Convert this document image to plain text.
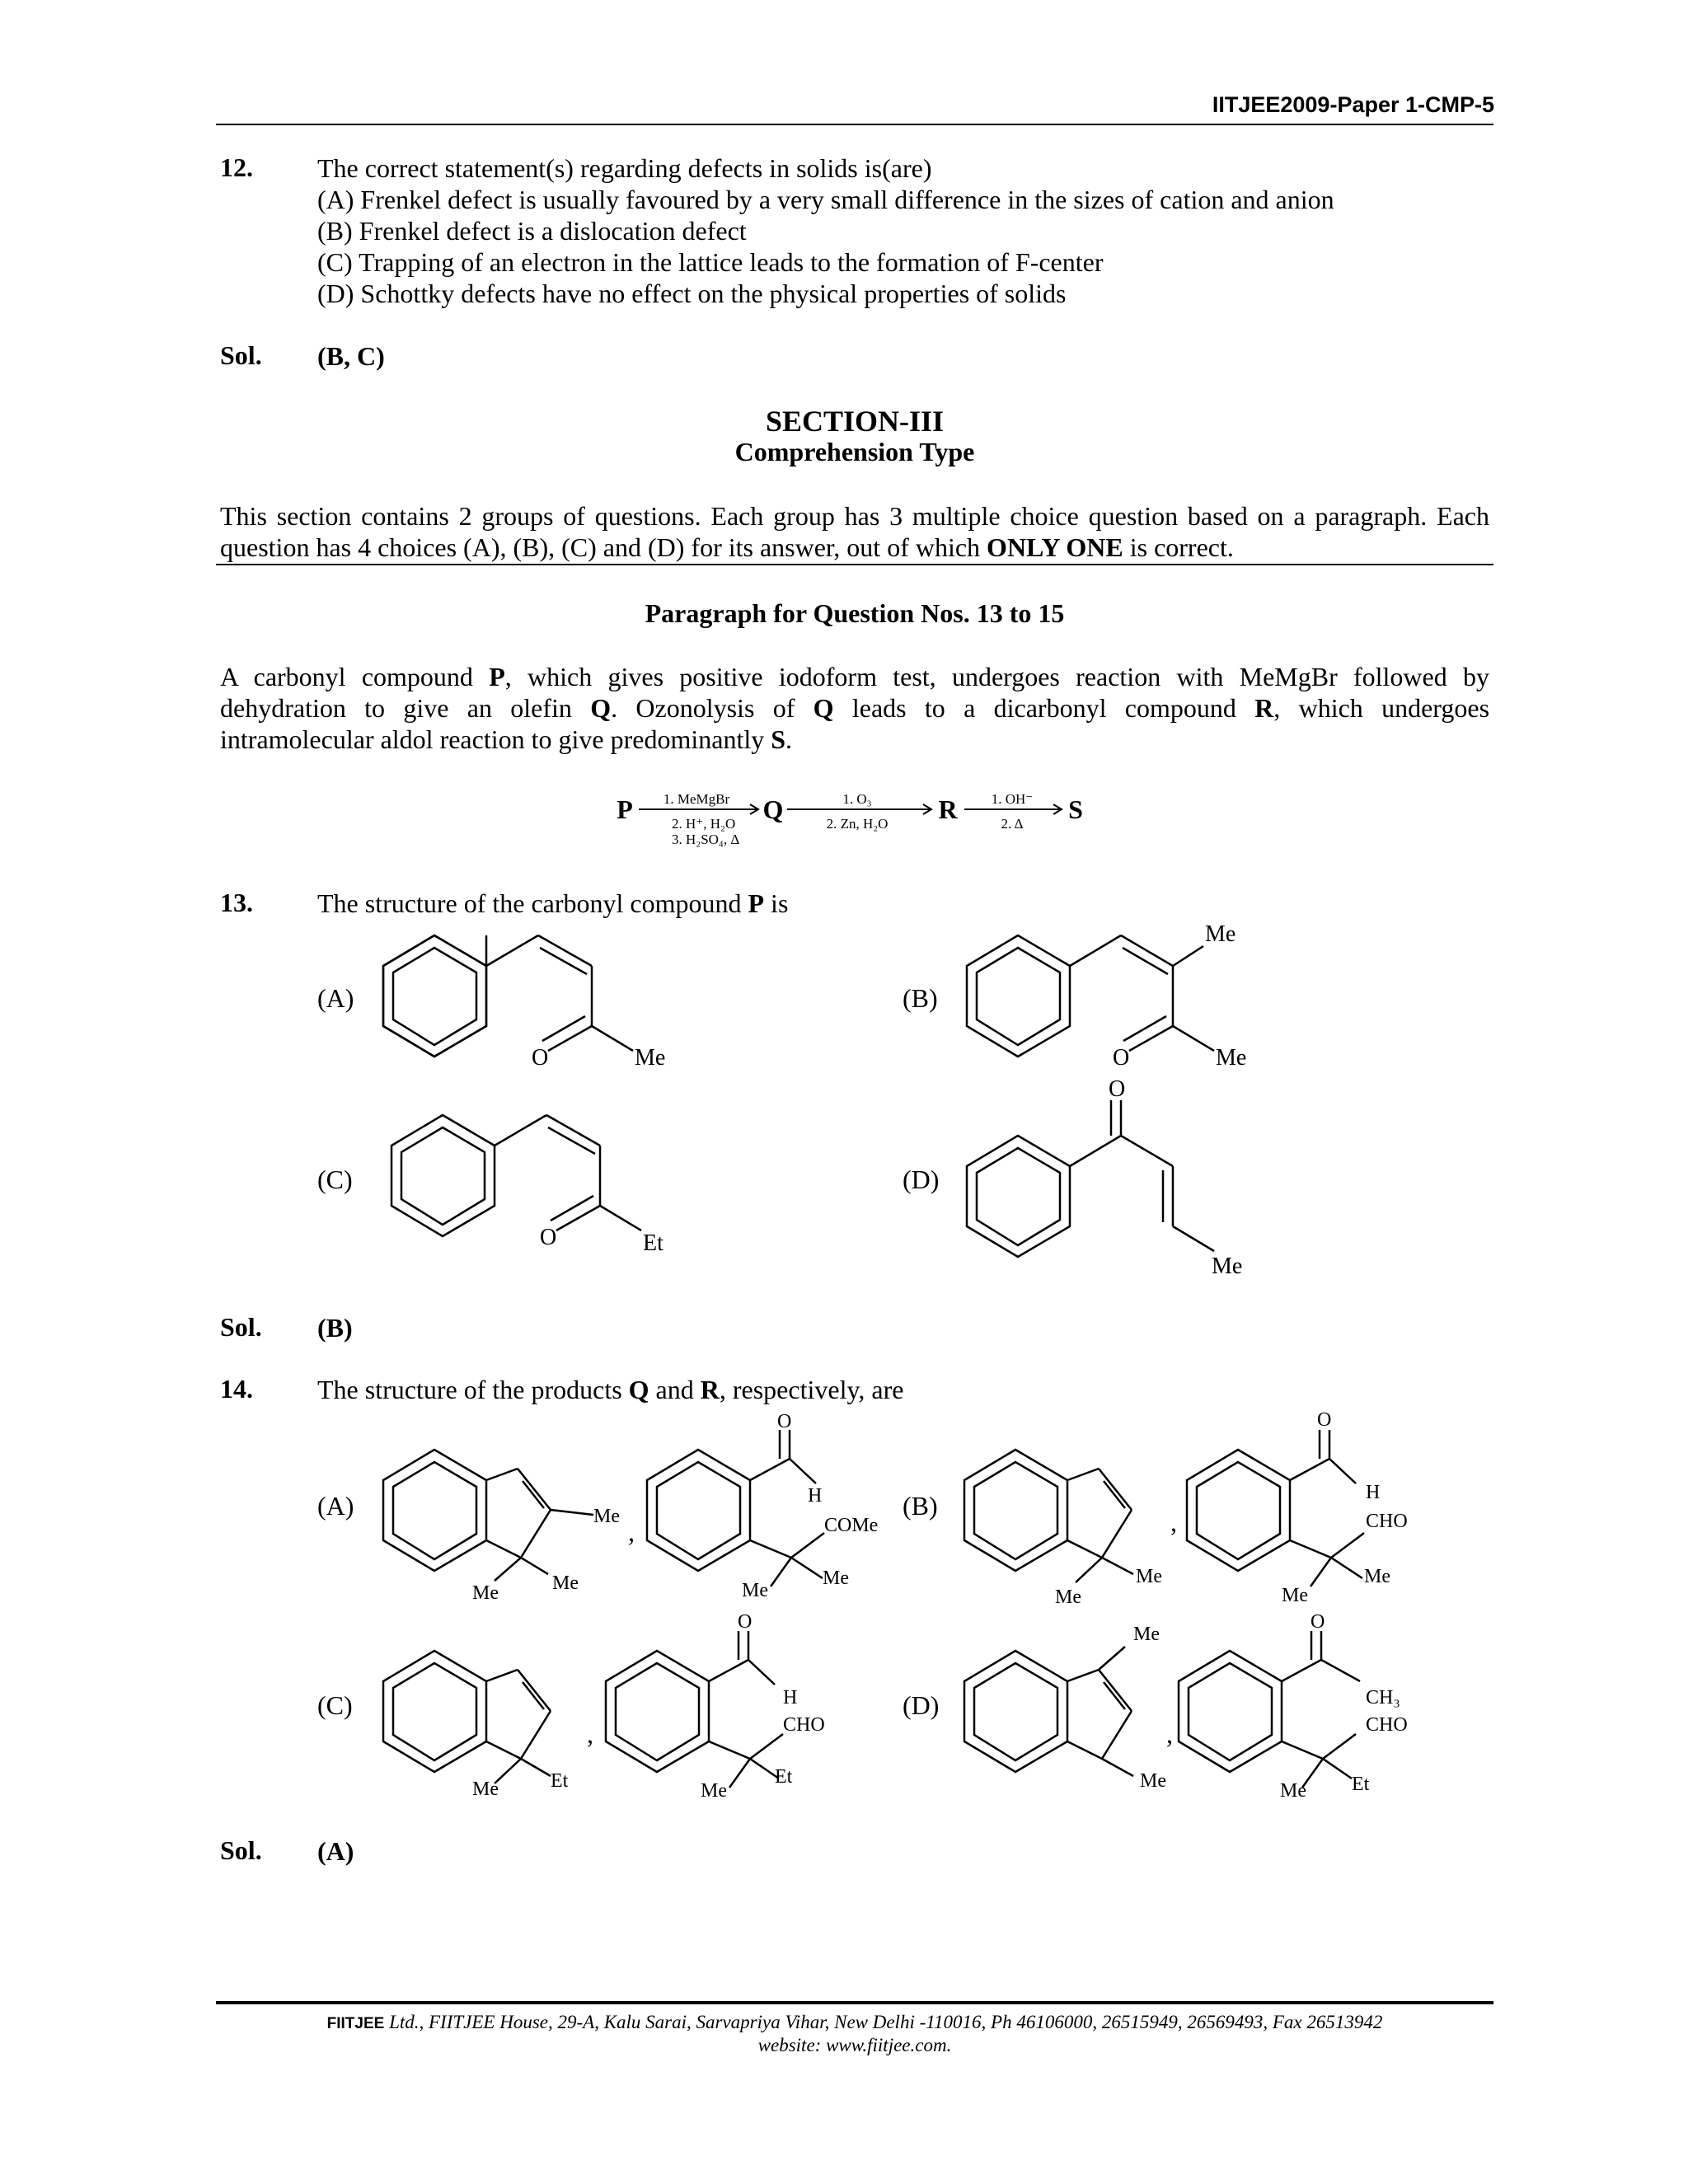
IITJEE2009-Paper 1-CMP-5
12. The correct statement(s) regarding defects in solids is(are)
(A) Frenkel defect is usually favoured by a very small difference in the sizes of cation and anion
(B) Frenkel defect is a dislocation defect
(C) Trapping of an electron in the lattice leads to the formation of F-center
(D) Schottky defects have no effect on the physical properties of solids
Sol. (B, C)
SECTION-III
Comprehension Type
This section contains 2 groups of questions. Each group has 3 multiple choice question based on a paragraph. Each
question has 4 choices (A), (B), (C) and (D) for its answer, out of which ONLY ONE is correct.
Paragraph for Question Nos. 13 to 15
A carbonyl compound P, which gives positive iodoform test, undergoes reaction with MeMgBr followed by
dehydration to give an olefin Q. Ozonolysis of Q leads to a dicarbonyl compound R, which undergoes
intramolecular aldol reaction to give predominantly S.
P 1. MeMgBr
2. H⁺, H₂O
3. H₂SO₄, Δ
Q	1. O₃
2. Zn, H₂O R 1. OH⁻
2. Δ S
13. The structure of the carbonyl compound P is
(A)	(B)
(C)	(D)
O	Me
Me
O	Me
O	Et
O
Me
Me
Me	Me
,
O
H
COMe
Me
Me
Me
Me
,
O
H
CHO
Me
Me
Me	Et
,
O
H
CHO
Me
Et
Me
Me
,
O
CH₃
CHO
Me Et
Sol. (B)
14. The structure of the products Q and R, respectively, are
(A)	(B)
(C)	(D)
Sol. (A)
FIITJEE Ltd., FIITJEE House, 29-A, Kalu Sarai, Sarvapriya Vihar, New Delhi -110016, Ph 46106000, 26515949, 26569493, Fax 26513942
website: www.fiitjee.com.
